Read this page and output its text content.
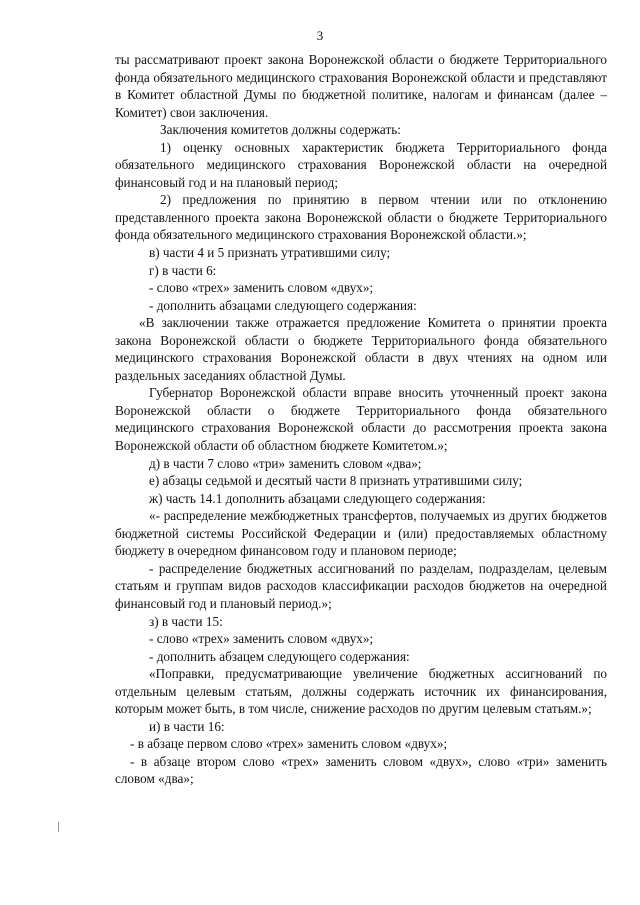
3

ты рассматривают проект закона Воронежской области о бюджете Территориального фонда обязательного медицинского страхования Воронежской области и представляют в Комитет областной Думы по бюджетной политике, налогам и финансам (далее – Комитет) свои заключения.

Заключения комитетов должны содержать:

1) оценку основных характеристик бюджета Территориального фонда обязательного медицинского страхования Воронежской области на очередной финансовый год и на плановый период;

2) предложения по принятию в первом чтении или по отклонению представленного проекта закона Воронежской области о бюджете Территориального фонда обязательного медицинского страхования Воронежской области.»;

в) части 4 и 5 признать утратившими силу;

г) в части 6:

- слово «трех» заменить словом «двух»;

- дополнить абзацами следующего содержания:

«В заключении также отражается предложение Комитета о принятии проекта закона Воронежской области о бюджете Территориального фонда обязательного медицинского страхования Воронежской области в двух чтениях на одном или раздельных заседаниях областной Думы.

Губернатор Воронежской области вправе вносить уточненный проект закона Воронежской области о бюджете Территориального фонда обязательного медицинского страхования Воронежской области до рассмотрения проекта закона Воронежской области об областном бюджете Комитетом.»;

д) в части 7 слово «три» заменить словом «два»;

е) абзацы седьмой и десятый части 8 признать утратившими силу;

ж) часть 14.1 дополнить абзацами следующего содержания:

«- распределение межбюджетных трансфертов, получаемых из других бюджетов бюджетной системы Российской Федерации и (или) предоставляемых областному бюджету в очередном финансовом году и плановом периоде;

- распределение бюджетных ассигнований по разделам, подразделам, целевым статьям и группам видов расходов классификации расходов бюджетов на очередной финансовый год и плановый период.»;

з) в части 15:

- слово «трех» заменить словом «двух»;

- дополнить абзацем следующего содержания:

«Поправки, предусматривающие увеличение бюджетных ассигнований по отдельным целевым статьям, должны содержать источник их финансирования, которым может быть, в том числе, снижение расходов по другим целевым статьям.»;

и) в части 16:

- в абзаце первом слово «трех» заменить словом «двух»;

- в абзаце втором слово «трех» заменить словом «двух», слово «три» заменить словом «два»;
